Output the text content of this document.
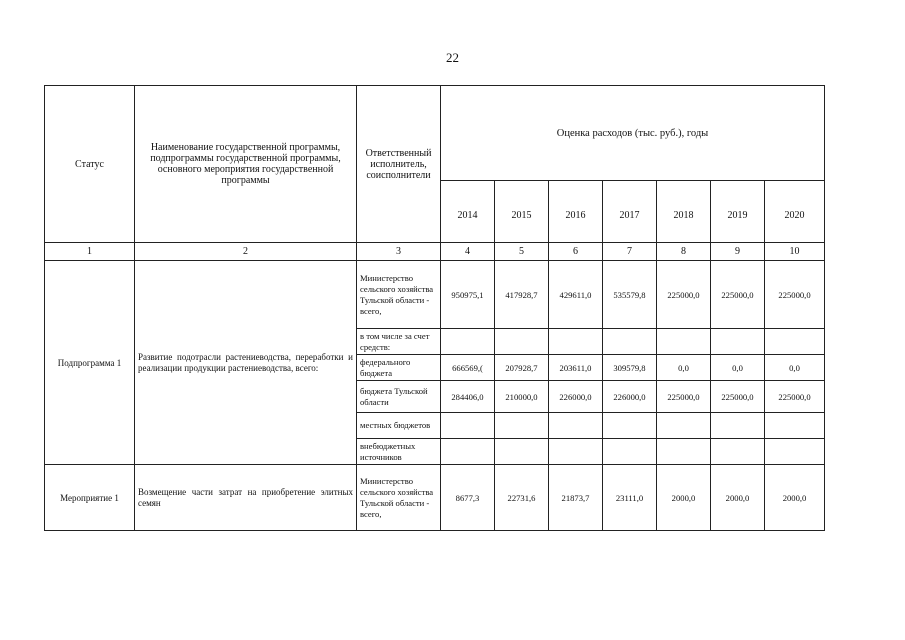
22
Статус	Наименование государственной программы, подпрограммы государственной программы, основного мероприятия государственной программы	Ответственный исполнитель, соисполнители	Оценка расходов (тыс. руб.), годы						
			2014	2015	2016	2017	2018	2019	2020
1	2	3	4	5	6	7	8	9	10
Подпрограмма 1	Развитие подотрасли растениеводства, переработки и реализации продукции растениеводства, всего:	Министерство сельского хозяйства Тульской области - всего,	950975,1	417928,7	429611,0	535579,8	225000,0	225000,0	225000,0
		в том числе за счет средств:							
		федерального бюджета	666569,(	207928,7	203611,0	309579,8	0,0	0,0	0,0
		бюджета Тульской области	284406,0	210000,0	226000,0	226000,0	225000,0	225000,0	225000,0
		местных бюджетов							
		внебюджетных источников							
Мероприятие 1	Возмещение части затрат на приобретение элитных семян	Министерство сельского хозяйства Тульской области - всего,	8677,3	22731,6	21873,7	23111,0	2000,0	2000,0	2000,0
